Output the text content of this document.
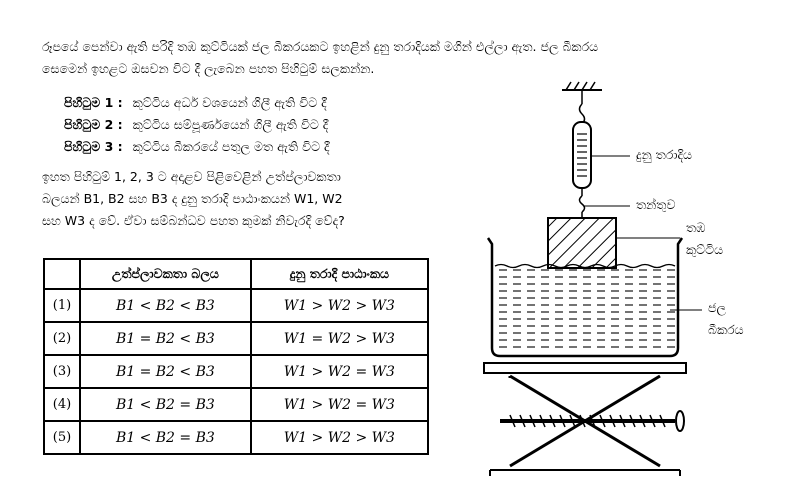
රූපයේ පෙන්වා ඇති පරිදි තඹ කුට්ටියක් ජල බීකරයකට ඉහළින් දුනු තරාදියක් මගින් එල්ලා ඇත. ජල බීකරය

සෙමෙන් ඉහළට ඔසවන විට දී ලැබෙන පහත පිහිටුම් සලකන්න.

පිහිටුම 1 : කුට්ටිය අර්ධ වශයෙන් ගිලී ඇති විට දී
පිහිටුම 2 : කුට්ටිය සම්පූර්ණයෙන් ගිලී ඇති විට දී
පිහිටුම 3 : කුට්ටිය බීකරයේ පතුල මත ඇති විට දී

ඉහත පිහිටුම් 1, 2, 3 ට අදාළව පිළිවෙළින් උත්ප්ලාවකතා

බලයන් B1, B2 සහ B3 ද දුනු තරාදි පාඨාංකයන් W1, W2

සහ W3 ද වේ. ඒවා සම්බන්ධව පහත කුමක් නිවැරදි වේද?

	උත්ප්ලාවකතා බලය	දුනු තරාදි පාඨාංකය
(1)	B1 < B2 < B3	W1 > W2 > W3
(2)	B1 = B2 < B3	W1 = W2 > W3
(3)	B1 = B2 < B3	W1 > W2 = W3
(4)	B1 < B2 = B3	W1 > W2 = W3
(5)	B1 < B2 = B3	W1 > W2 > W3
දුනු තරාදිය
තන්තුව
තඹ
කුට්ටිය
ජල
බීකරය
